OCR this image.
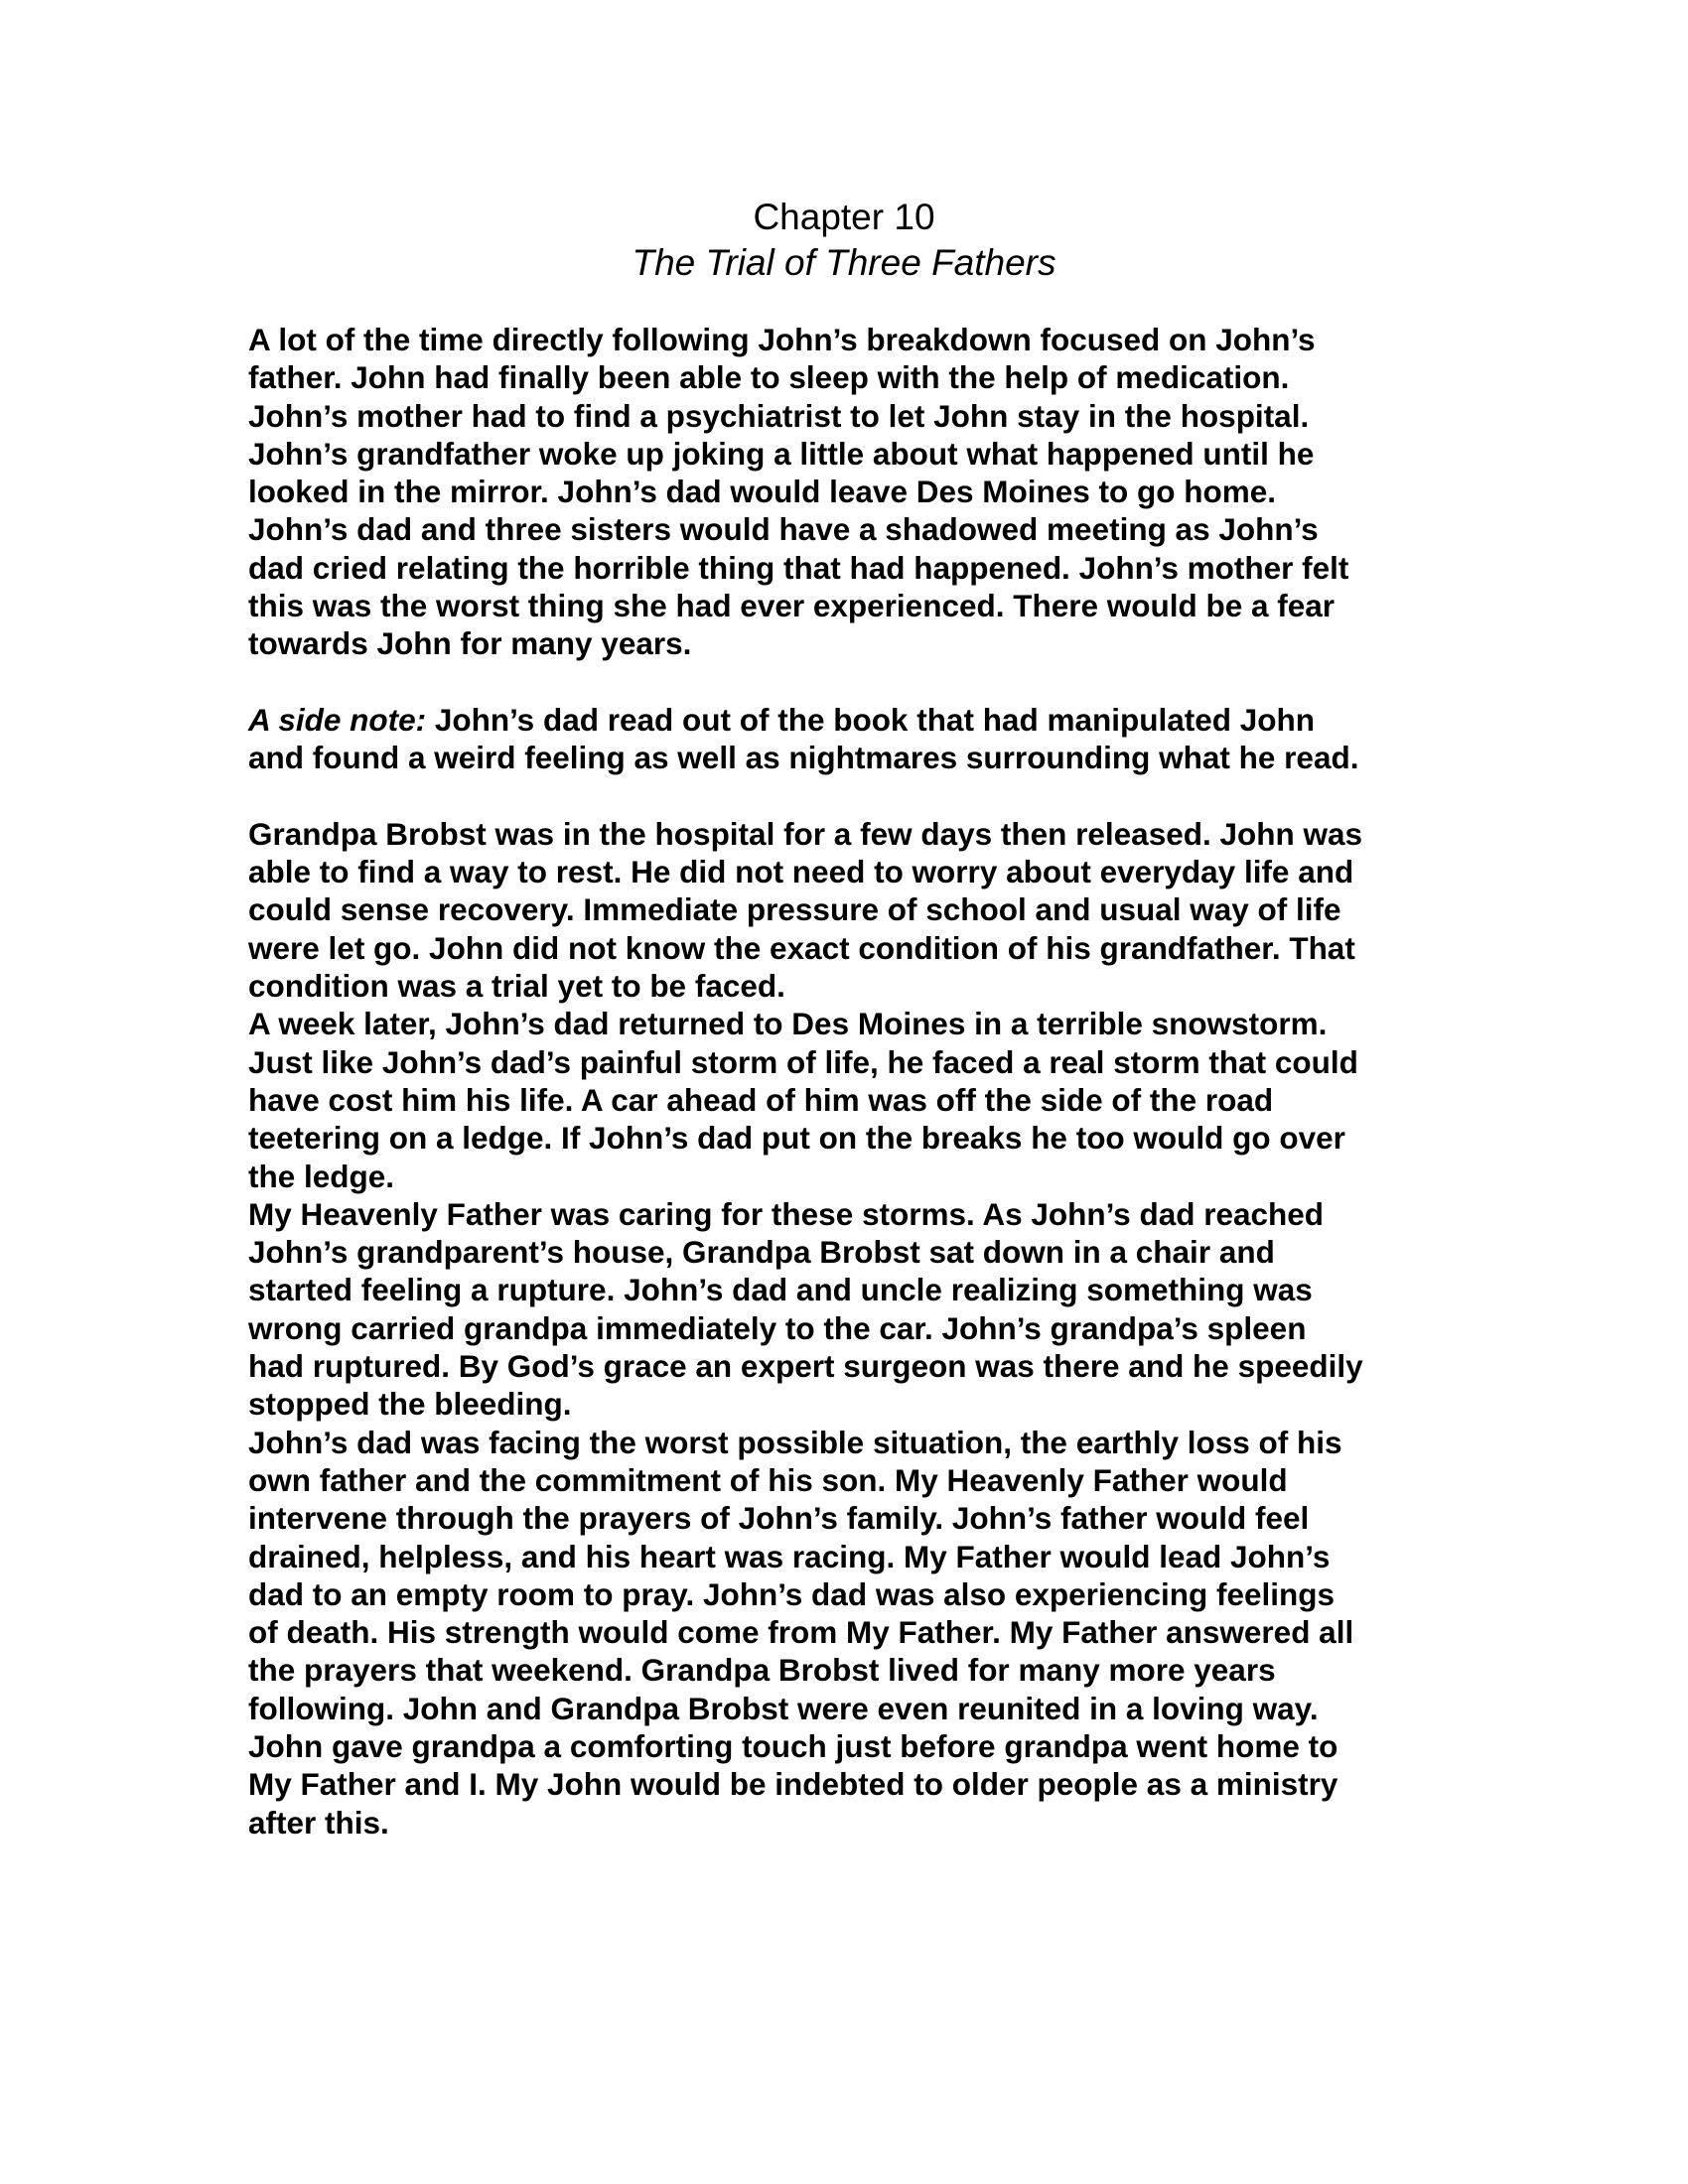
Chapter 10
The Trial of Three Fathers

A lot of the time directly following John’s breakdown focused on John’s
father. John had finally been able to sleep with the help of medication.
John’s mother had to find a psychiatrist to let John stay in the hospital.
John’s grandfather woke up joking a little about what happened until he
looked in the mirror. John’s dad would leave Des Moines to go home.
John’s dad and three sisters would have a shadowed meeting as John’s
dad cried relating the horrible thing that had happened. John’s mother felt
this was the worst thing she had ever experienced. There would be a fear
towards John for many years.

A side note: John’s dad read out of the book that had manipulated John
and found a weird feeling as well as nightmares surrounding what he read.

Grandpa Brobst was in the hospital for a few days then released. John was
able to find a way to rest. He did not need to worry about everyday life and
could sense recovery. Immediate pressure of school and usual way of life
were let go. John did not know the exact condition of his grandfather. That
condition was a trial yet to be faced.

A week later, John’s dad returned to Des Moines in a terrible snowstorm.
Just like John’s dad’s painful storm of life, he faced a real storm that could
have cost him his life. A car ahead of him was off the side of the road
teetering on a ledge. If John’s dad put on the breaks he too would go over
the ledge.

My Heavenly Father was caring for these storms. As John’s dad reached
John’s grandparent’s house, Grandpa Brobst sat down in a chair and
started feeling a rupture. John’s dad and uncle realizing something was
wrong carried grandpa immediately to the car. John’s grandpa’s spleen
had ruptured. By God’s grace an expert surgeon was there and he speedily
stopped the bleeding.

John’s dad was facing the worst possible situation, the earthly loss of his
own father and the commitment of his son. My Heavenly Father would
intervene through the prayers of John’s family. John’s father would feel
drained, helpless, and his heart was racing. My Father would lead John’s
dad to an empty room to pray. John’s dad was also experiencing feelings
of death. His strength would come from My Father. My Father answered all
the prayers that weekend. Grandpa Brobst lived for many more years
following. John and Grandpa Brobst were even reunited in a loving way.
John gave grandpa a comforting touch just before grandpa went home to
My Father and I. My John would be indebted to older people as a ministry
after this.
